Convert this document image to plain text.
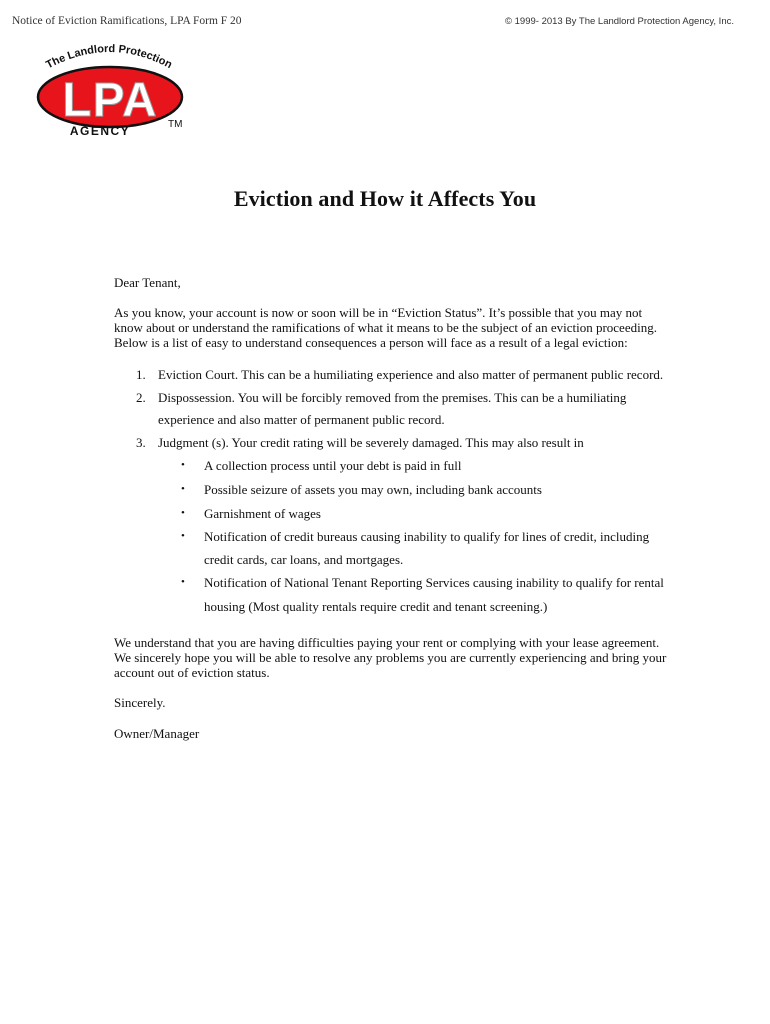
Notice of Eviction Ramifications, LPA Form F 20	© 1999- 2013 By The Landlord Protection Agency, Inc.
The Landlord Protection
LPA
AGENCY	TM
Eviction and How it Affects You
Dear Tenant,
As you know, your account is now or soon will be in “Eviction Status”. It’s possible that you may not know about or understand the ramifications of what it means to be the subject of an eviction proceeding. Below is a list of easy to understand consequences a person will face as a result of a legal eviction:
1. Eviction Court. This can be a humiliating experience and also matter of permanent public record.
2. Dispossession. You will be forcibly removed from the premises. This can be a humiliating
experience and also matter of permanent public record.
3. Judgment (s). Your credit rating will be severely damaged. This may also result in
• A collection process until your debt is paid in full
• Possible seizure of assets you may own, including bank accounts
• Garnishment of wages
• Notification of credit bureaus causing inability to qualify for lines of credit, including
credit cards, car loans, and mortgages.
• Notification of National Tenant Reporting Services causing inability to qualify for rental
housing (Most quality rentals require credit and tenant screening.)
We understand that you are having difficulties paying your rent or complying with your lease agreement. We sincerely hope you will be able to resolve any problems you are currently experiencing and bring your account out of eviction status.
Sincerely.
Owner/Manager
